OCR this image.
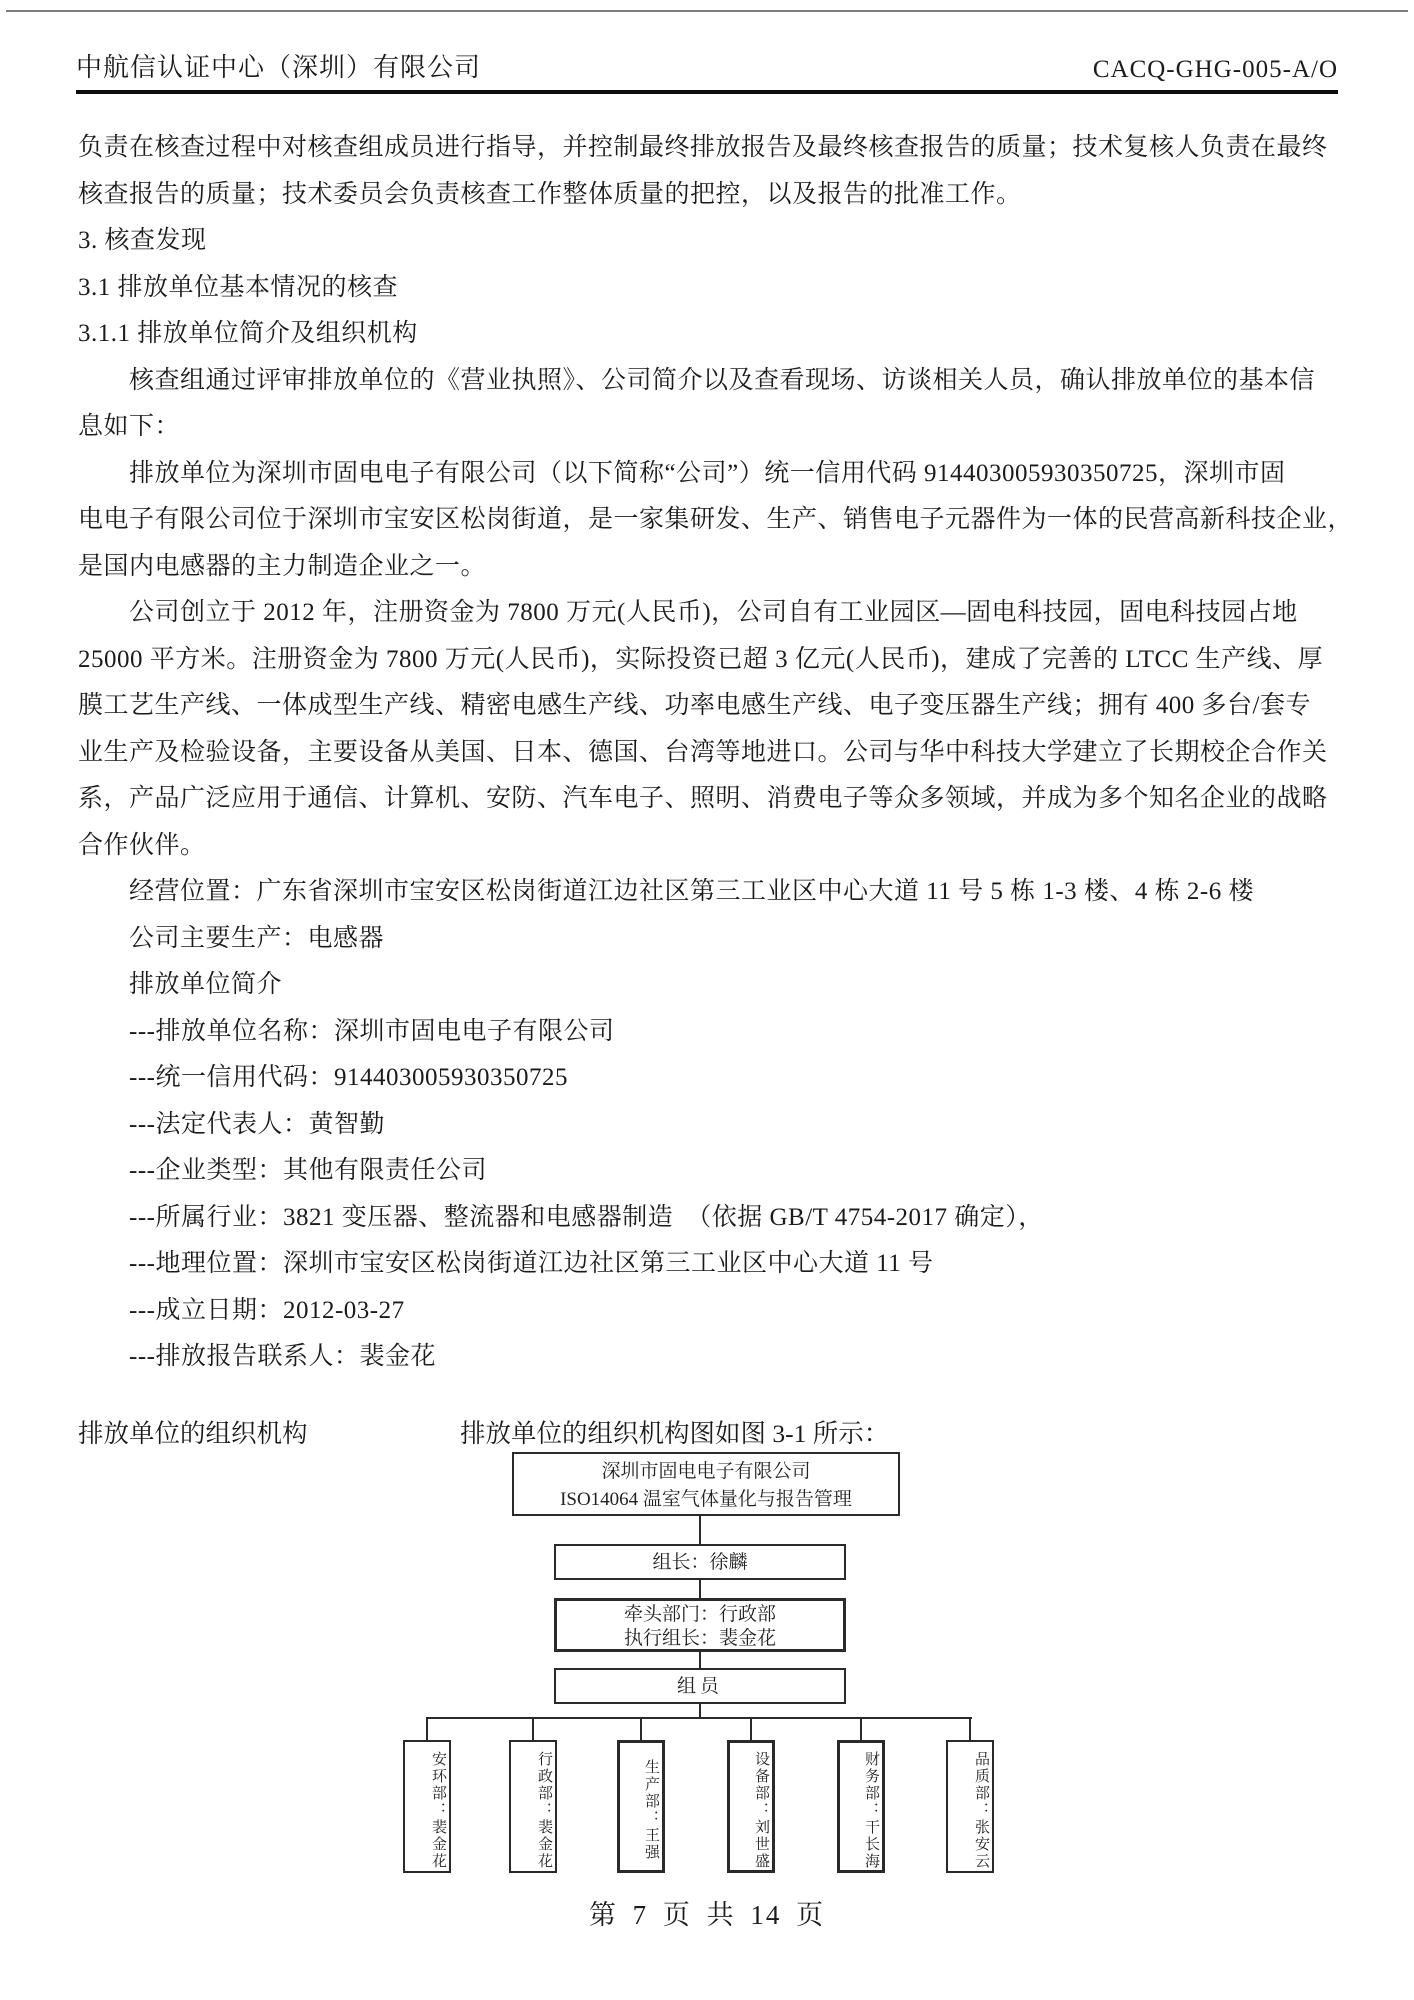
中航信认证中心（深圳）有限公司	CACQ-GHG-005-A/O
负责在核查过程中对核查组成员进行指导，并控制最终排放报告及最终核查报告的质量；技术复核人负责在最终
核查报告的质量；技术委员会负责核查工作整体质量的把控，以及报告的批准工作。
3. 核查发现
3.1 排放单位基本情况的核查
3.1.1 排放单位简介及组织机构
　　核查组通过评审排放单位的《营业执照》、公司简介以及查看现场、访谈相关人员，确认排放单位的基本信
息如下：
　　排放单位为深圳市固电电子有限公司（以下简称“公司”）统一信用代码 914403005930350725，深圳市固
电电子有限公司位于深圳市宝安区松岗街道，是一家集研发、生产、销售电子元器件为一体的民营高新科技企业，
是国内电感器的主力制造企业之一。
　　公司创立于 2012 年，注册资金为 7800 万元(人民币)，公司自有工业园区—固电科技园，固电科技园占地
25000 平方米。注册资金为 7800 万元(人民币)，实际投资已超 3 亿元(人民币)，建成了完善的 LTCC 生产线、厚
膜工艺生产线、一体成型生产线、精密电感生产线、功率电感生产线、电子变压器生产线；拥有 400 多台/套专
业生产及检验设备，主要设备从美国、日本、德国、台湾等地进口。公司与华中科技大学建立了长期校企合作关
系，产品广泛应用于通信、计算机、安防、汽车电子、照明、消费电子等众多领域，并成为多个知名企业的战略
合作伙伴。
　　经营位置：广东省深圳市宝安区松岗街道江边社区第三工业区中心大道 11 号 5 栋 1-3 楼、4 栋 2-6 楼
　　公司主要生产：电感器
　　排放单位简介
　　---排放单位名称：深圳市固电电子有限公司
　　---统一信用代码：914403005930350725
　　---法定代表人：黄智勤
　　---企业类型：其他有限责任公司
　　---所属行业：3821 变压器、整流器和电感器制造　（依据 GB/T 4754-2017 确定），
　　---地理位置：深圳市宝安区松岗街道江边社区第三工业区中心大道 11 号
　　---成立日期：2012-03-27
　　---排放报告联系人：裴金花
排放单位的组织机构	排放单位的组织机构图如图 3-1 所示：
深圳市固电电子有限公司
ISO14064 温室气体量化与报告管理
组长：徐麟
牵头部门：行政部
执行组长：裴金花
组员
安环部：裴金花	行政部：裴金花	生产部：王强	设备部：刘世盛	财务部：干长海	品质部：张安云
第 7 页 共 14 页
